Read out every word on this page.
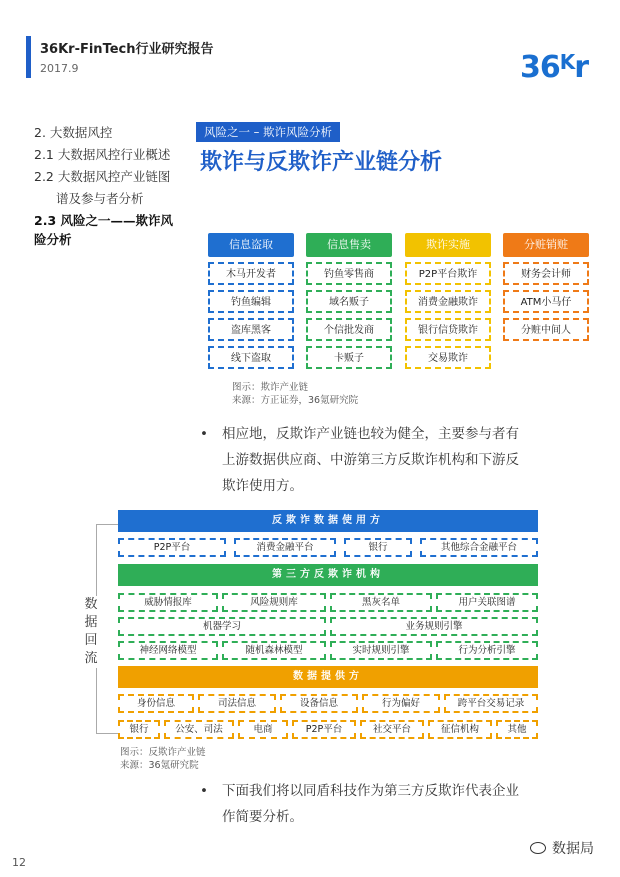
36Kr-FinTech行业研究报告
2017.9	$36^Kr$
2. 大数据风控
2.1 大数据风控行业概述
2.2 大数据风控产业链图
谱及参与者分析
2.3 风险之一——欺诈风
险分析
风险之一 – 欺诈风险分析
欺诈与反欺诈产业链分析
信息盗取
木马开发者
钓鱼编辑
盗库黑客
线下盗取
信息售卖
钓鱼零售商
域名贩子
个信批发商
卡贩子
欺诈实施
P2P平台欺诈
消费金融欺诈
银行信贷欺诈
交易欺诈
分赃销赃
财务会计师
ATM小马仔
分赃中间人
图示：欺诈产业链
来源：方正证券，36氪研究院
• 相应地，反欺诈产业链也较为健全，主要参与者有
上游数据供应商、中游第三方反欺诈机构和下游反
欺诈使用方。
数
据
回
流
反欺诈数据使用方
P2P平台	消费金融平台	银行	其他综合金融平台
第三方反欺诈机构
威胁情报库	风险规则库	黑灰名单	用户关联图谱
机器学习	业务规则引擎
神经网络模型	随机森林模型	实时规则引擎	行为分析引擎
数据提供方
身份信息	司法信息	设备信息	行为偏好	跨平台交易记录
银行	公安、司法	电商	P2P平台	社交平台	征信机构	其他
图示：反欺诈产业链
来源：36氪研究院
• 下面我们将以同盾科技作为第三方反欺诈代表企业
作简要分析。
12
数据局
